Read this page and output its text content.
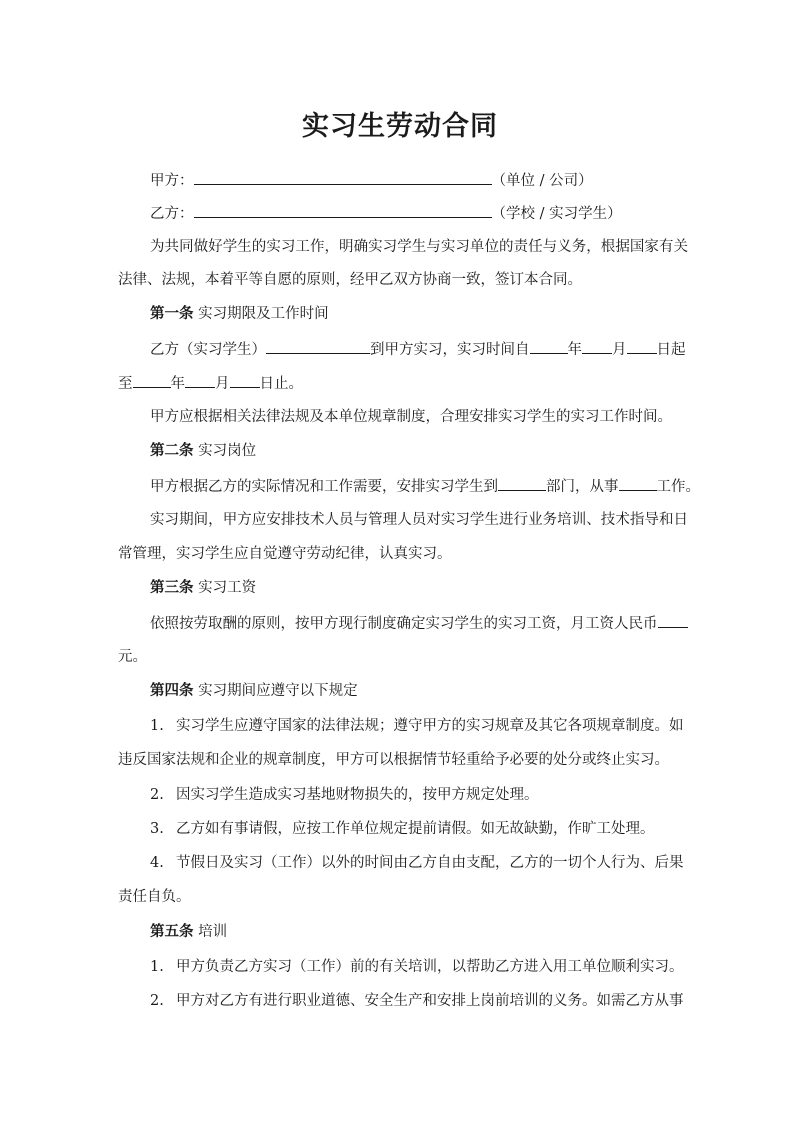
实习生劳动合同
甲方：	（单位 / 公司）
乙方：	（学校 / 实习学生）
为共同做好学生的实习工作，明确实习学生与实习单位的责任与义务，根据国家有关
法律、法规，本着平等自愿的原则，经甲乙双方协商一致，签订本合同。
第一条 实习期限及工作时间
乙方（实习学生）	到甲方实习，实习时间自	年 月 日起
至	年 月 日止。
甲方应根据相关法律法规及本单位规章制度，合理安排实习学生的实习工作时间。
第二条 实习岗位
甲方根据乙方的实际情况和工作需要，安排实习学生到	部门，从事	工作。
实习期间，甲方应安排技术人员与管理人员对实习学生进行业务培训、技术指导和日
常管理，实习学生应自觉遵守劳动纪律，认真实习。
第三条 实习工资
依照按劳取酬的原则，按甲方现行制度确定实习学生的实习工资，月工资人民币
元。
第四条 实习期间应遵守以下规定
1. 实习学生应遵守国家的法律法规；遵守甲方的实习规章及其它各项规章制度。如
违反国家法规和企业的规章制度，甲方可以根据情节轻重给予必要的处分或终止实习。
2. 因实习学生造成实习基地财物损失的，按甲方规定处理。
3. 乙方如有事请假，应按工作单位规定提前请假。如无故缺勤，作旷工处理。
4. 节假日及实习（工作）以外的时间由乙方自由支配，乙方的一切个人行为、后果
责任自负。
第五条 培训
1. 甲方负责乙方实习（工作）前的有关培训，以帮助乙方进入用工单位顺利实习。
2. 甲方对乙方有进行职业道德、安全生产和安排上岗前培训的义务。如需乙方从事
